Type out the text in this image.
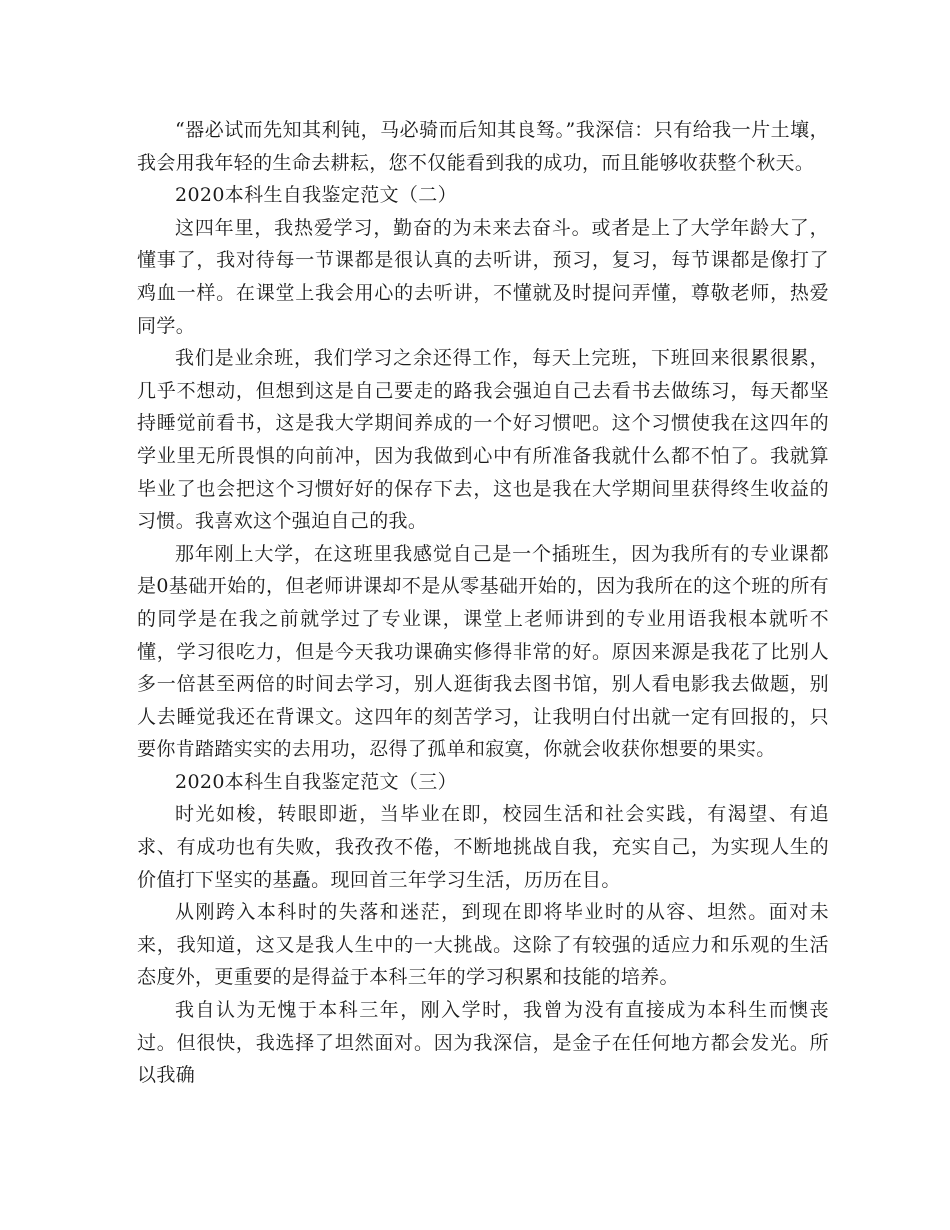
“器必试而先知其利钝，马必骑而后知其良驽。”我深信：只有给我一片土壤，我会用我年轻的生命去耕耘，您不仅能看到我的成功，而且能够收获整个秋天。

2020本科生自我鉴定范文（二）

这四年里，我热爱学习，勤奋的为未来去奋斗。或者是上了大学年龄大了，懂事了，我对待每一节课都是很认真的去听讲，预习，复习，每节课都是像打了鸡血一样。在课堂上我会用心的去听讲，不懂就及时提问弄懂，尊敬老师，热爱同学。

我们是业余班，我们学习之余还得工作，每天上完班，下班回来很累很累，几乎不想动，但想到这是自己要走的路我会强迫自己去看书去做练习，每天都坚持睡觉前看书，这是我大学期间养成的一个好习惯吧。这个习惯使我在这四年的学业里无所畏惧的向前冲，因为我做到心中有所准备我就什么都不怕了。我就算毕业了也会把这个习惯好好的保存下去，这也是我在大学期间里获得终生收益的习惯。我喜欢这个强迫自己的我。

那年刚上大学，在这班里我感觉自己是一个插班生，因为我所有的专业课都是0基础开始的，但老师讲课却不是从零基础开始的，因为我所在的这个班的所有的同学是在我之前就学过了专业课，课堂上老师讲到的专业用语我根本就听不懂，学习很吃力，但是今天我功课确实修得非常的好。原因来源是我花了比别人多一倍甚至两倍的时间去学习，别人逛街我去图书馆，别人看电影我去做题，别人去睡觉我还在背课文。这四年的刻苦学习，让我明白付出就一定有回报的，只要你肯踏踏实实的去用功，忍得了孤单和寂寞，你就会收获你想要的果实。

2020本科生自我鉴定范文（三）

时光如梭，转眼即逝，当毕业在即，校园生活和社会实践，有渴望、有追求、有成功也有失败，我孜孜不倦，不断地挑战自我，充实自己，为实现人生的价值打下坚实的基矗。现回首三年学习生活，历历在目。

从刚跨入本科时的失落和迷茫，到现在即将毕业时的从容、坦然。面对未来，我知道，这又是我人生中的一大挑战。这除了有较强的适应力和乐观的生活态度外，更重要的是得益于本科三年的学习积累和技能的培养。

我自认为无愧于本科三年，刚入学时，我曾为没有直接成为本科生而懊丧过。但很快，我选择了坦然面对。因为我深信，是金子在任何地方都会发光。所以我确
